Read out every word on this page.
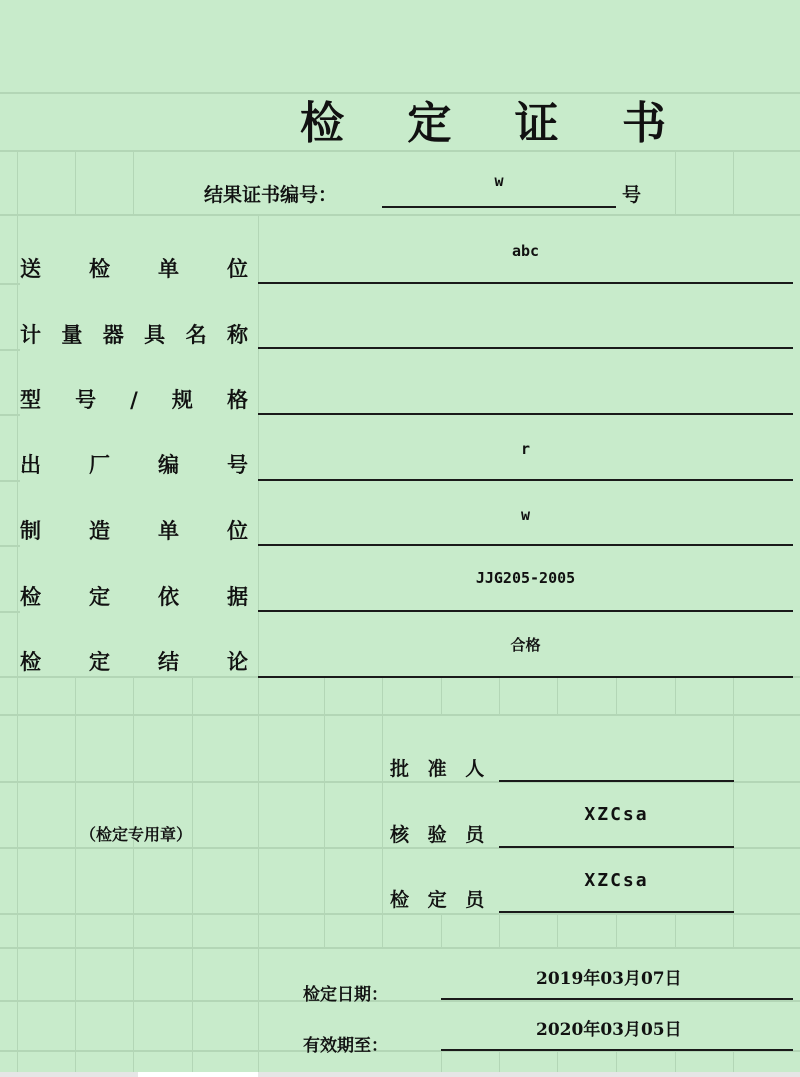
检 定 证 书
结果证书编号：
w
号
送 检 单 位
abc
计 量 器 具 名 称
型 号 / 规 格
出 厂 编 号
r
制 造 单 位
w
检 定 依 据
JJG205-2005
检 定 结 论
合格
（检定专用章）
批 准 人
核 验 员
XZCsa
检 定 员
XZCsa
检定日期：
2019年03月07日
有效期至：
2020年03月05日
